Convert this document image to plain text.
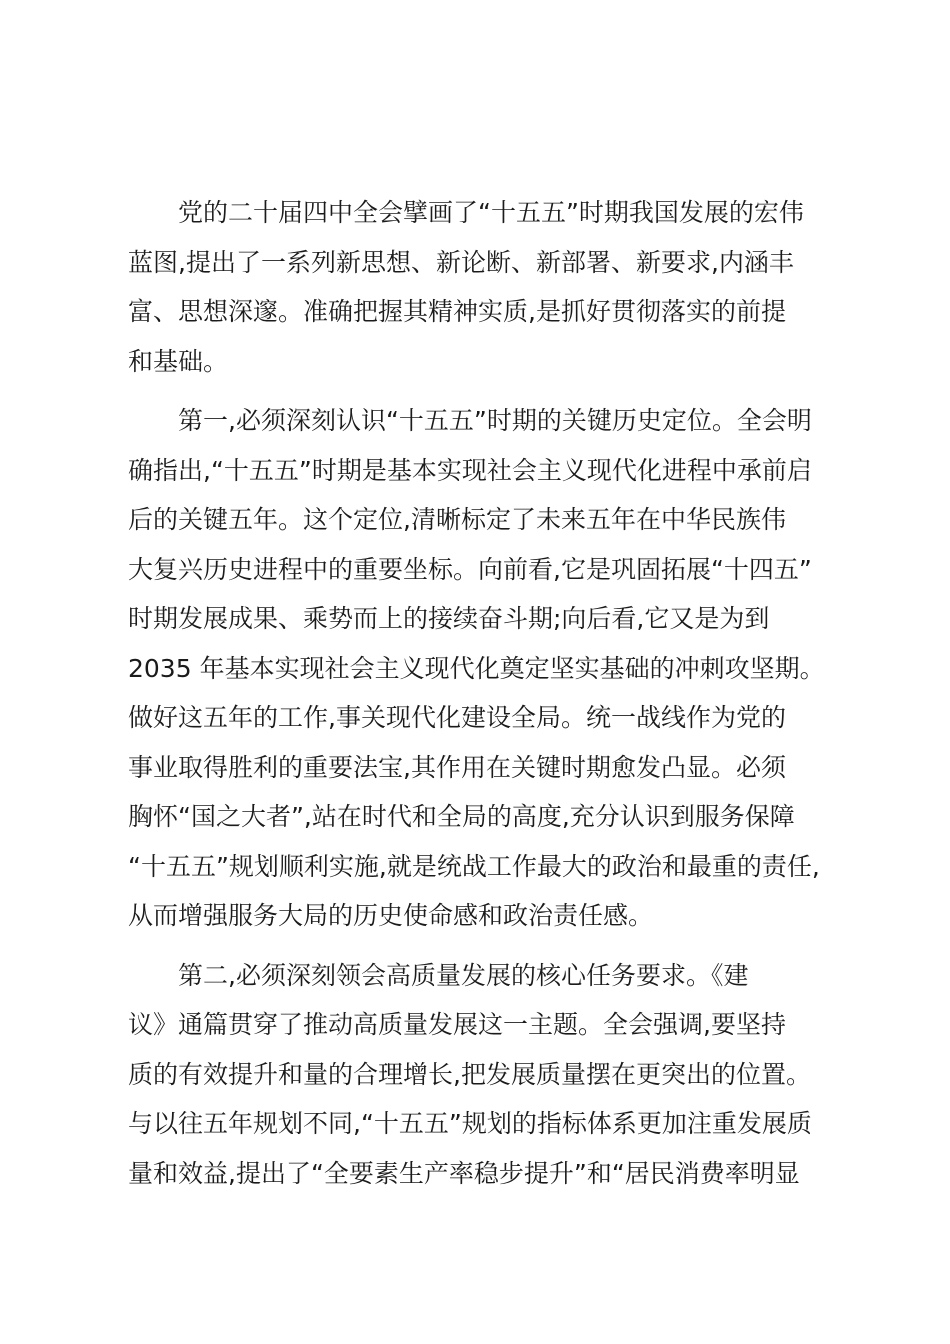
党的二十届四中全会擘画了“十五五”时期我国发展的宏伟
蓝图,提出了一系列新思想、新论断、新部署、新要求,内涵丰
富、思想深邃。准确把握其精神实质,是抓好贯彻落实的前提
和基础。

第一,必须深刻认识“十五五”时期的关键历史定位。全会明
确指出,“十五五”时期是基本实现社会主义现代化进程中承前启
后的关键五年。这个定位,清晰标定了未来五年在中华民族伟
大复兴历史进程中的重要坐标。向前看,它是巩固拓展“十四五”
时期发展成果、乘势而上的接续奋斗期;向后看,它又是为到
2035 年基本实现社会主义现代化奠定坚实基础的冲刺攻坚期。
做好这五年的工作,事关现代化建设全局。统一战线作为党的
事业取得胜利的重要法宝,其作用在关键时期愈发凸显。必须
胸怀“国之大者”,站在时代和全局的高度,充分认识到服务保障
“十五五”规划顺利实施,就是统战工作最大的政治和最重的责任,
从而增强服务大局的历史使命感和政治责任感。

第二,必须深刻领会高质量发展的核心任务要求。《建
议》通篇贯穿了推动高质量发展这一主题。全会强调,要坚持
质的有效提升和量的合理增长,把发展质量摆在更突出的位置。
与以往五年规划不同,“十五五”规划的指标体系更加注重发展质
量和效益,提出了“全要素生产率稳步提升”和“居民消费率明显
